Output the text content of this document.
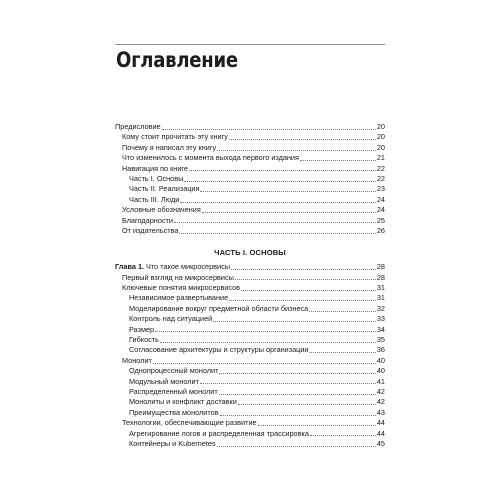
Оглавление
Предисловие	20
Кому стоит прочитать эту книгу	20
Почему я написал эту книгу	20
Что изменилось с момента выхода первого издания	21
Навигация по книге	22
Часть I. Основы	22
Часть II. Реализация	23
Часть III. Люди	24
Условные обозначения	24
Благодарности	25
От издательства	26
ЧАСТЬ I. ОСНОВЫ
Глава 1. Что такое микросервисы	28
Первый взгляд на микросервисы	28
Ключевые понятия микросервисов	31
Независимое развертывание	31
Моделирование вокруг предметной области бизнеса	32
Контроль над ситуацией	33
Размер	34
Гибкость	35
Согласование архитектуры и структуры организации	36
Монолит	40
Однопроцессный монолит	40
Модульный монолит	41
Распределенный монолит	42
Монолиты и конфликт доставки	42
Преимущества монолитов	43
Технологии, обеспечивающие развитие	44
Агрегирование логов и распределенная трассировка	44
Контейнеры и Kubernetes	45
